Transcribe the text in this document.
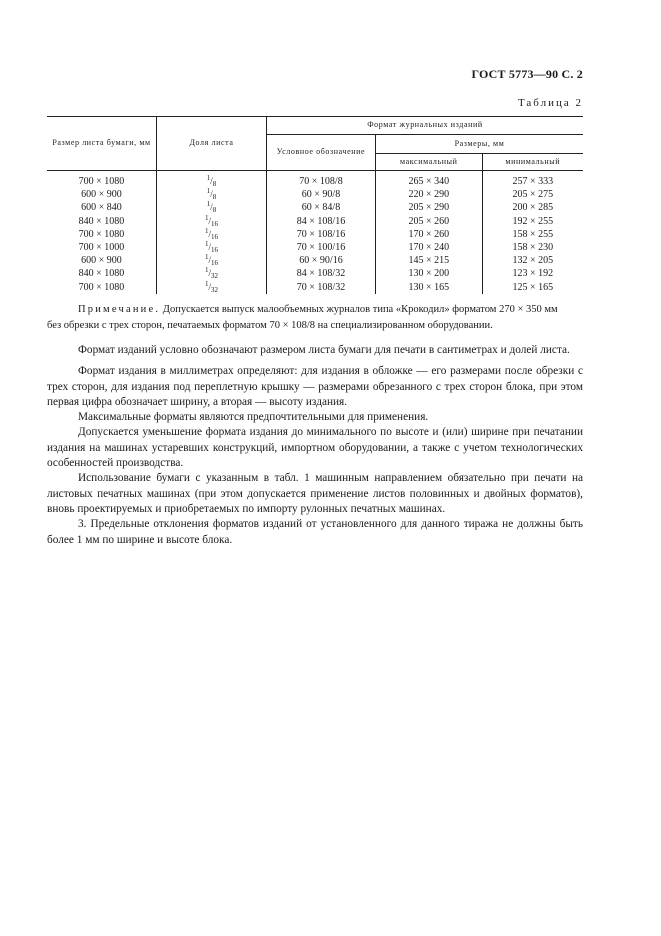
ГОСТ 5773—90 С. 2
Таблица 2
Размер листа бумаги, мм	Доля листа	Формат журнальных изданий		
		Условное обозначение	Размеры, мм	
			максимальный	минимальный
700 × 1080	$^1/_8$	70 × 108/8	265 × 340	257 × 333
600 × 900	$^1/_8$	60 × 90/8	220 × 290	205 × 275
600 × 840	$^1/_8$	60 × 84/8	205 × 290	200 × 285
840 × 1080	$^1/_{16}$	84 × 108/16	205 × 260	192 × 255
700 × 1080	$^1/_{16}$	70 × 108/16	170 × 260	158 × 255
700 × 1000	$^1/_{16}$	70 × 100/16	170 × 240	158 × 230
600 × 900	$^1/_{16}$	60 × 90/16	145 × 215	132 × 205
840 × 1080	$^1/_{32}$	84 × 108/32	130 × 200	123 × 192
700 × 1080	$^1/_{32}$	70 × 108/32	130 × 165	125 × 165

Примечание. Допускается выпуск малообъемных журналов типа «Крокодил» форматом 270 × 350 мм

без обрезки с трех сторон, печатаемых форматом 70 × 108/8 на специализированном оборудовании.

Формат изданий условно обозначают размером листа бумаги для печати в сантиметрах и долей листа.

Формат издания в миллиметрах определяют: для издания в обложке — его размерами после обрезки с трех сторон, для издания под переплетную крышку — размерами обрезанного с трех сторон блока, при этом первая цифра обозначает ширину, а вторая — высоту издания.

Максимальные форматы являются предпочтительными для применения.

Допускается уменьшение формата издания до минимального по высоте и (или) ширине при печатании издания на машинах устаревших конструкций, импортном оборудовании, а также с учетом технологических особенностей производства.

Использование бумаги с указанным в табл. 1 машинным направлением обязательно при печати на листовых печатных машинах (при этом допускается применение листов половинных и двойных форматов), вновь проектируемых и приобретаемых по импорту рулонных печатных машинах.

3. Предельные отклонения форматов изданий от установленного для данного тиража не должны быть более 1 мм по ширине и высоте блока.
